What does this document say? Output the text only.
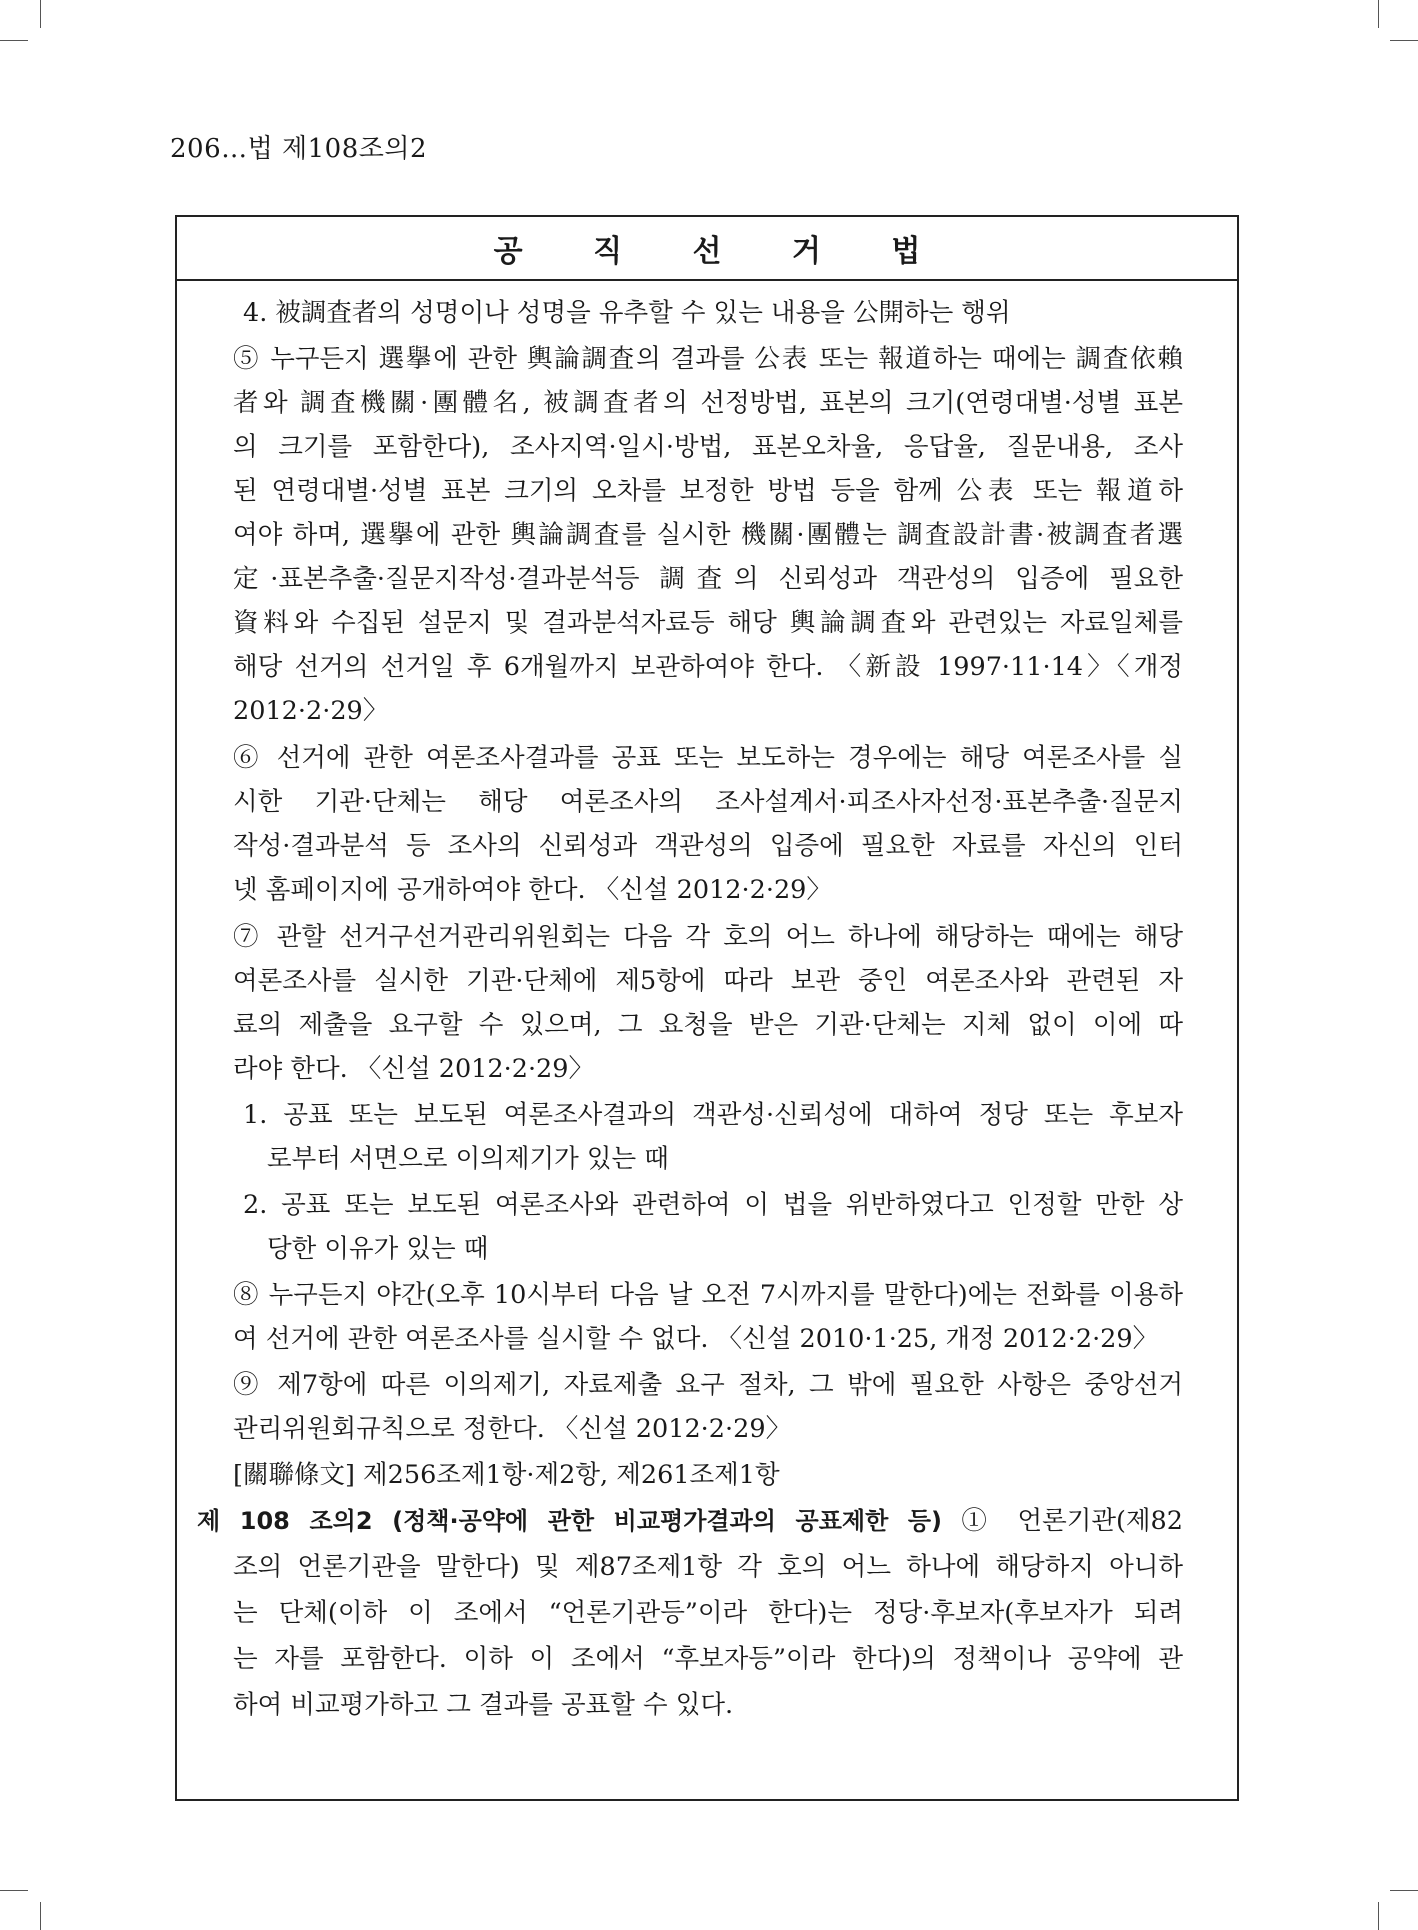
206…법 제108조의2
공 직 선 거 법
4. 被調査者의 성명이나 성명을 유추할 수 있는 내용을 公開하는 행위
⑤ 누구든지 選擧에 관한 輿論調査의 결과를 公表 또는 報道하는 때에는 調査依賴
者와 調査機關·團體名, 被調査者의 선정방법, 표본의 크기(연령대별·성별 표본
의 크기를 포함한다), 조사지역·일시·방법, 표본오차율, 응답율, 질문내용, 조사
된 연령대별·성별 표본 크기의 오차를 보정한 방법 등을 함께 公表 또는 報道하
여야 하며, 選擧에 관한 輿論調査를 실시한 機關·團體는 調査設計書·被調査者選
定·표본추출·질문지작성·결과분석등 調査의 신뢰성과 객관성의 입증에 필요한
資料와 수집된 설문지 및 결과분석자료등 해당 輿論調査와 관련있는 자료일체를
해당 선거의 선거일 후 6개월까지 보관하여야 한다. 〈新設 1997·11·14〉〈개정
2012·2·29〉
⑥ 선거에 관한 여론조사결과를 공표 또는 보도하는 경우에는 해당 여론조사를 실
시한 기관·단체는 해당 여론조사의 조사설계서·피조사자선정·표본추출·질문지
작성·결과분석 등 조사의 신뢰성과 객관성의 입증에 필요한 자료를 자신의 인터
넷 홈페이지에 공개하여야 한다. 〈신설 2012·2·29〉
⑦ 관할 선거구선거관리위원회는 다음 각 호의 어느 하나에 해당하는 때에는 해당
여론조사를 실시한 기관·단체에 제5항에 따라 보관 중인 여론조사와 관련된 자
료의 제출을 요구할 수 있으며, 그 요청을 받은 기관·단체는 지체 없이 이에 따
라야 한다. 〈신설 2012·2·29〉
1. 공표 또는 보도된 여론조사결과의 객관성·신뢰성에 대하여 정당 또는 후보자
로부터 서면으로 이의제기가 있는 때
2. 공표 또는 보도된 여론조사와 관련하여 이 법을 위반하였다고 인정할 만한 상
당한 이유가 있는 때
⑧ 누구든지 야간(오후 10시부터 다음 날 오전 7시까지를 말한다)에는 전화를 이용하
여 선거에 관한 여론조사를 실시할 수 없다. 〈신설 2010·1·25, 개정 2012·2·29〉
⑨ 제7항에 따른 이의제기, 자료제출 요구 절차, 그 밖에 필요한 사항은 중앙선거
관리위원회규칙으로 정한다. 〈신설 2012·2·29〉
[關聯條文] 제256조제1항·제2항, 제261조제1항
제 108 조의2 (정책·공약에 관한 비교평가결과의 공표제한 등) ① 언론기관(제82
조의 언론기관을 말한다) 및 제87조제1항 각 호의 어느 하나에 해당하지 아니하
는 단체(이하 이 조에서 “언론기관등”이라 한다)는 정당·후보자(후보자가 되려
는 자를 포함한다. 이하 이 조에서 “후보자등”이라 한다)의 정책이나 공약에 관
하여 비교평가하고 그 결과를 공표할 수 있다.
